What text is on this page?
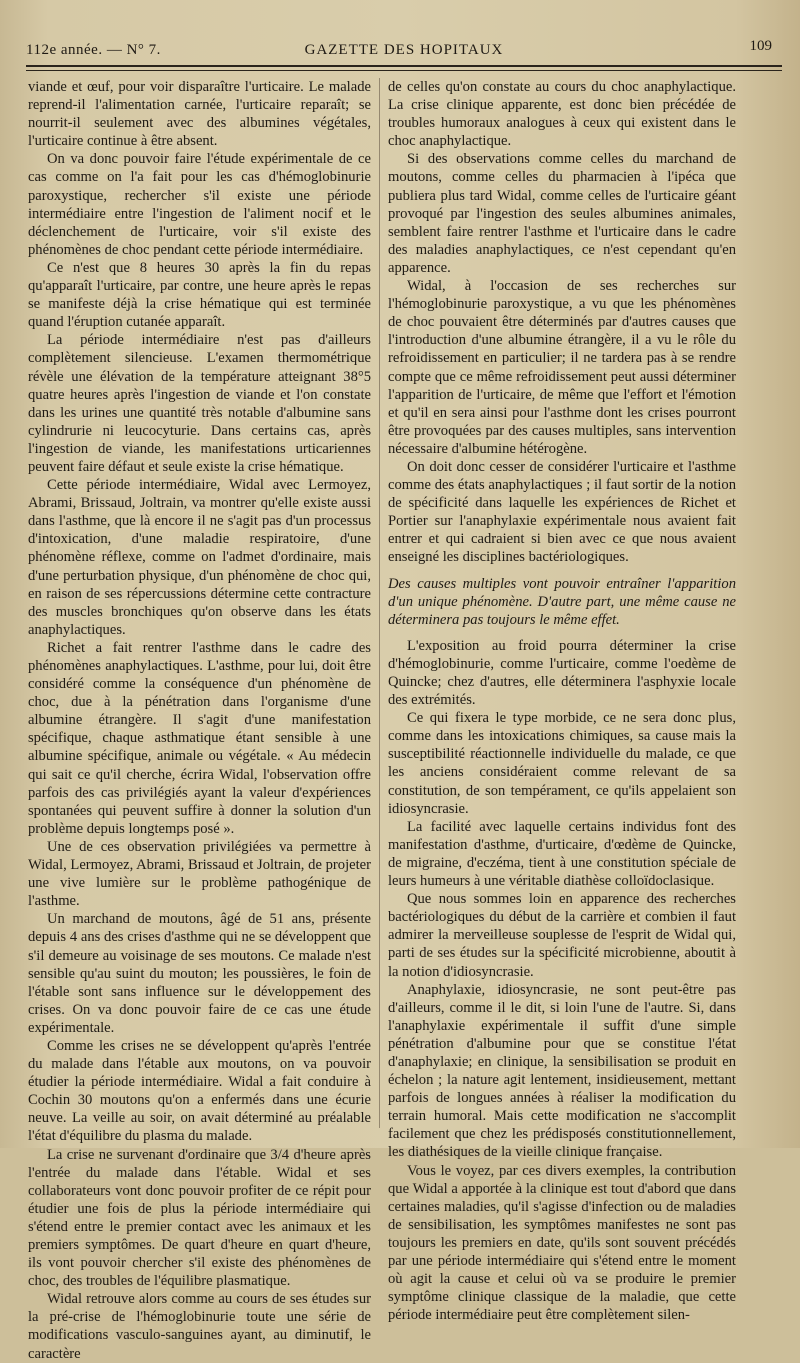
112e année. — N° 7.	GAZETTE DES HOPITAUX	109

viande et œuf, pour voir disparaître l'urticaire. Le malade reprend-il l'alimentation carnée, l'urticaire reparaît; se nourrit-il seulement avec des albumines végétales, l'urticaire continue à être absent.

On va donc pouvoir faire l'étude expérimentale de ce cas comme on l'a fait pour les cas d'hémoglobinurie paroxystique, rechercher s'il existe une période intermédiaire entre l'ingestion de l'aliment nocif et le déclenchement de l'urticaire, voir s'il existe des phénomènes de choc pendant cette période intermédiaire.

Ce n'est que 8 heures 30 après la fin du repas qu'apparaît l'urticaire, par contre, une heure après le repas se manifeste déjà la crise hématique qui est terminée quand l'éruption cutanée apparaît.

La période intermédiaire n'est pas d'ailleurs complètement silencieuse. L'examen thermométrique révèle une élévation de la température atteignant 38°5 quatre heures après l'ingestion de viande et l'on constate dans les urines une quantité très notable d'albumine sans cylindrurie ni leucocyturie. Dans certains cas, après l'ingestion de viande, les manifestations urticariennes peuvent faire défaut et seule existe la crise hématique.

Cette période intermédiaire, Widal avec Lermoyez, Abrami, Brissaud, Joltrain, va montrer qu'elle existe aussi dans l'asthme, que là encore il ne s'agit pas d'un processus d'intoxication, d'une maladie respiratoire, d'une phénomène réflexe, comme on l'admet d'ordinaire, mais d'une perturbation physique, d'un phénomène de choc qui, en raison de ses répercussions détermine cette contracture des muscles bronchiques qu'on observe dans les états anaphylactiques.

Richet a fait rentrer l'asthme dans le cadre des phénomènes anaphylactiques. L'asthme, pour lui, doit être considéré comme la conséquence d'un phénomène de choc, due à la pénétration dans l'organisme d'une albumine étrangère. Il s'agit d'une manifestation spécifique, chaque asthmatique étant sensible à une albumine spécifique, animale ou végétale. « Au médecin qui sait ce qu'il cherche, écrira Widal, l'observation offre parfois des cas privilégiés ayant la valeur d'expériences spontanées qui peuvent suffire à donner la solution d'un problème depuis longtemps posé ».

Une de ces observation privilégiées va permettre à Widal, Lermoyez, Abrami, Brissaud et Joltrain, de projeter une vive lumière sur le problème pathogénique de l'asthme.

Un marchand de moutons, âgé de 51 ans, présente depuis 4 ans des crises d'asthme qui ne se développent que s'il demeure au voisinage de ses moutons. Ce malade n'est sensible qu'au suint du mouton; les poussières, le foin de l'étable sont sans influence sur le développement des crises. On va donc pouvoir faire de ce cas une étude expérimentale.

Comme les crises ne se développent qu'après l'entrée du malade dans l'étable aux moutons, on va pouvoir étudier la période intermédiaire. Widal a fait conduire à Cochin 30 moutons qu'on a enfermés dans une écurie neuve. La veille au soir, on avait déterminé au préalable l'état d'équilibre du plasma du malade.

La crise ne survenant d'ordinaire que 3/4 d'heure après l'entrée du malade dans l'étable. Widal et ses collaborateurs vont donc pouvoir profiter de ce répit pour étudier une fois de plus la période intermédiaire qui s'étend entre le premier contact avec les animaux et les premiers symptômes. De quart d'heure en quart d'heure, ils vont pouvoir chercher s'il existe des phénomènes de choc, des troubles de l'équilibre plasmatique.

Widal retrouve alors comme au cours de ses études sur la pré-crise de l'hémoglobinurie toute une série de modifications vasculo-sanguines ayant, au diminutif, le caractère

de celles qu'on constate au cours du choc anaphylactique. La crise clinique apparente, est donc bien précédée de troubles humoraux analogues à ceux qui existent dans le choc anaphylactique.

Si des observations comme celles du marchand de moutons, comme celles du pharmacien à l'ipéca que publiera plus tard Widal, comme celles de l'urticaire géant provoqué par l'ingestion des seules albumines animales, semblent faire rentrer l'asthme et l'urticaire dans le cadre des maladies anaphylactiques, ce n'est cependant qu'en apparence.

Widal, à l'occasion de ses recherches sur l'hémoglobinurie paroxystique, a vu que les phénomènes de choc pouvaient être déterminés par d'autres causes que l'introduction d'une albumine étrangère, il a vu le rôle du refroidissement en particulier; il ne tardera pas à se rendre compte que ce même refroidissement peut aussi déterminer l'apparition de l'urticaire, de même que l'effort et l'émotion et qu'il en sera ainsi pour l'asthme dont les crises pourront être provoquées par des causes multiples, sans intervention nécessaire d'albumine hétérogène.

On doit donc cesser de considérer l'urticaire et l'asthme comme des états anaphylactiques ; il faut sortir de la notion de spécificité dans laquelle les expériences de Richet et Portier sur l'anaphylaxie expérimentale nous avaient fait entrer et qui cadraient si bien avec ce que nous avaient enseigné les disciplines bactériologiques.

Des causes multiples vont pouvoir entraîner l'apparition d'un unique phénomène. D'autre part, une même cause ne déterminera pas toujours le même effet.

L'exposition au froid pourra déterminer la crise d'hémoglobinurie, comme l'urticaire, comme l'oedème de Quincke; chez d'autres, elle déterminera l'asphyxie locale des extrémités.

Ce qui fixera le type morbide, ce ne sera donc plus, comme dans les intoxications chimiques, sa cause mais la susceptibilité réactionnelle individuelle du malade, ce que les anciens considéraient comme relevant de sa constitution, de son tempérament, ce qu'ils appelaient son idiosyncrasie.

La facilité avec laquelle certains individus font des manifestation d'asthme, d'urticaire, d'œdème de Quincke, de migraine, d'eczéma, tient à une constitution spéciale de leurs humeurs à une véritable diathèse colloïdoclasique.

Que nous sommes loin en apparence des recherches bactériologiques du début de la carrière et combien il faut admirer la merveilleuse souplesse de l'esprit de Widal qui, parti de ses études sur la spécificité microbienne, aboutit à la notion d'idiosyncrasie.

Anaphylaxie, idiosyncrasie, ne sont peut-être pas d'ailleurs, comme il le dit, si loin l'une de l'autre. Si, dans l'anaphylaxie expérimentale il suffit d'une simple pénétration d'albumine pour que se constitue l'état d'anaphylaxie; en clinique, la sensibilisation se produit en échelon ; la nature agit lentement, insidieusement, mettant parfois de longues années à réaliser la modification du terrain humoral. Mais cette modification ne s'accomplit facilement que chez les prédisposés constitutionnellement, les diathésiques de la vieille clinique française.

Vous le voyez, par ces divers exemples, la contribution que Widal a apportée à la clinique est tout d'abord que dans certaines maladies, qu'il s'agisse d'infection ou de maladies de sensibilisation, les symptômes manifestes ne sont pas toujours les premiers en date, qu'ils sont souvent précédés par une période intermédiaire qui s'étend entre le moment où agit la cause et celui où va se produire le premier symptôme clinique classique de la maladie, que cette période intermédiaire peut être complètement silen-
